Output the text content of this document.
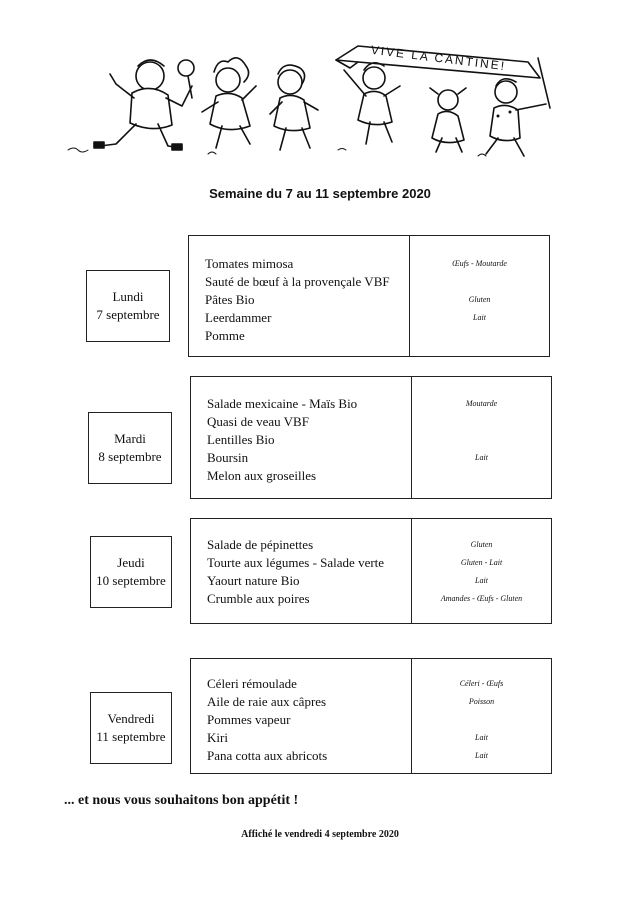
VIVE LA CANTINE!
Semaine du 7 au 11 septembre 2020
Lundi
7 septembre
Tomates mimosa
Sauté de bœuf à la provençale VBF
Pâtes Bio
Leerdammer
Pomme
Œufs - Moutarde
Gluten
Lait
Mardi
8 septembre
Salade mexicaine - Maïs Bio
Quasi de veau VBF
Lentilles Bio
Boursin
Melon aux groseilles
Moutarde
Lait
Jeudi
10 septembre
Salade de pépinettes
Tourte aux légumes - Salade verte
Yaourt nature Bio
Crumble aux poires
Gluten
Gluten - Lait
Lait
Amandes - Œufs - Gluten
Vendredi
11 septembre
Céleri rémoulade
Aile de raie aux câpres
Pommes vapeur
Kiri
Pana cotta aux abricots
Céleri - Œufs
Poisson
Lait
Lait
... et nous vous souhaitons bon appétit !
Affiché le vendredi 4 septembre 2020
